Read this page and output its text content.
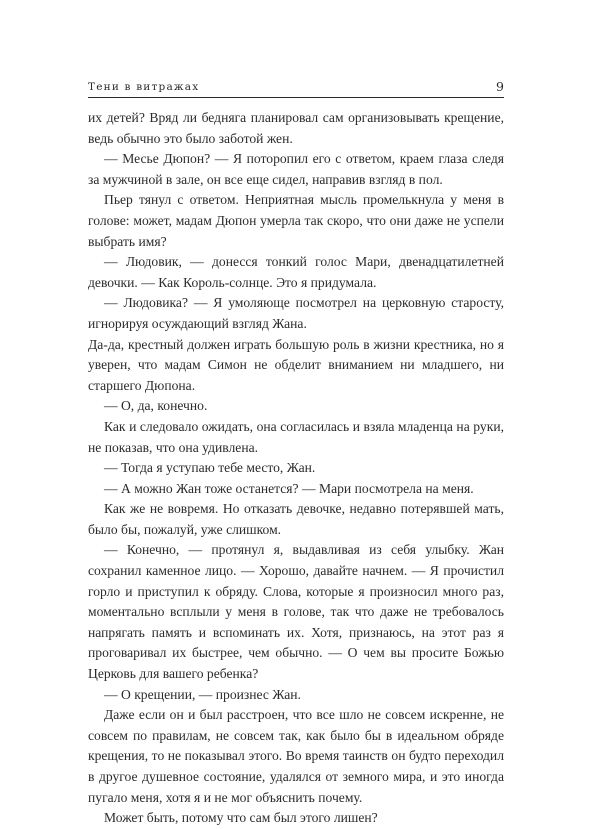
Тени в витражах	9

их детей? Вряд ли бедняга планировал сам организовывать крещение, ведь обычно это было заботой жен.

— Месье Дюпон? — Я поторопил его с ответом, краем глаза следя за мужчиной в зале, он все еще сидел, направив взгляд в пол.

Пьер тянул с ответом. Неприятная мысль промелькнула у меня в голове: может, мадам Дюпон умерла так скоро, что они даже не успели выбрать имя?

— Людовик, — донесся тонкий голос Мари, двенадцатилетней девочки. — Как Король-солнце. Это я придумала.

— Людовика? — Я умоляюще посмотрел на церковную старосту, игнорируя осуждающий взгляд Жана.

Да-да, крестный должен играть большую роль в жизни крестника, но я уверен, что мадам Симон не обделит вниманием ни младшего, ни старшего Дюпона.

— О, да, конечно.

Как и следовало ожидать, она согласилась и взяла младенца на руки, не показав, что она удивлена.

— Тогда я уступаю тебе место, Жан.

— А можно Жан тоже останется? — Мари посмотрела на меня.

Как же не вовремя. Но отказать девочке, недавно потерявшей мать, было бы, пожалуй, уже слишком.

— Конечно, — протянул я, выдавливая из себя улыбку. Жан сохранил каменное лицо. — Хорошо, давайте начнем. — Я прочистил горло и приступил к обряду. Слова, которые я произносил много раз, моментально всплыли у меня в голове, так что даже не требовалось напрягать память и вспоминать их. Хотя, признаюсь, на этот раз я проговаривал их быстрее, чем обычно. — О чем вы просите Божью Церковь для вашего ребенка?

— О крещении, — произнес Жан.

Даже если он и был расстроен, что все шло не совсем искренне, не совсем по правилам, не совсем так, как было бы в идеальном обряде крещения, то не показывал этого. Во время таинств он будто переходил в другое душевное состояние, удалялся от земного мира, и это иногда пугало меня, хотя я и не мог объяснить почему.

Может быть, потому что сам был этого лишен?
